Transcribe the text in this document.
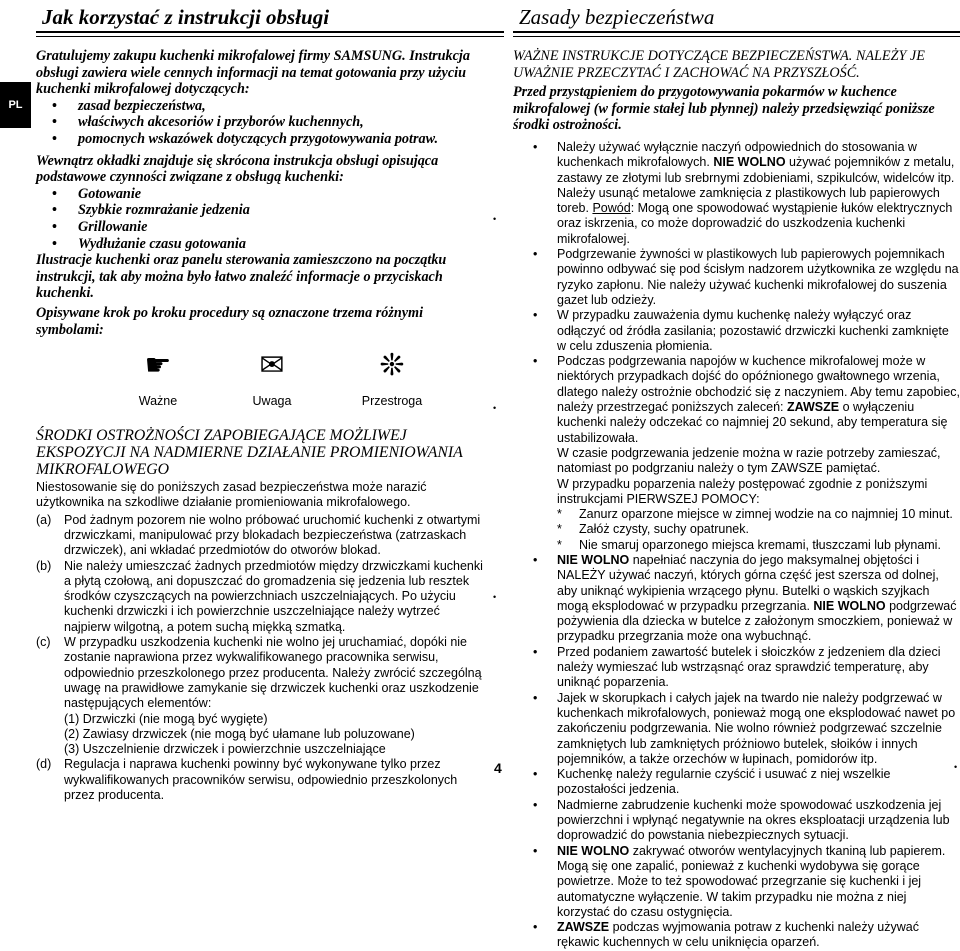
Jak korzystać z instrukcji obsługi	Zasady bezpieczeństwa
PL

Gratulujemy zakupu kuchenki mikrofalowej firmy SAMSUNG. Instrukcja obsługi zawiera wiele cennych informacji na temat gotowania przy użyciu kuchenki mikrofalowej dotyczących:

• zasad bezpieczeństwa,
• właściwych akcesoriów i przyborów kuchennych,
• pomocnych wskazówek dotyczących przygotowywania potraw.

Wewnątrz okładki znajduje się skrócona instrukcja obsługi opisująca podstawowe czynności związane z obsługą kuchenki:

• Gotowanie
• Szybkie rozmrażanie jedzenia
• Grillowanie
• Wydłużanie czasu gotowania

Ilustracje kuchenki oraz panelu sterowania zamieszczono na początku instrukcji, tak aby można było łatwo znaleźć informacje o przyciskach kuchenki.

Opisywane krok po kroku procedury są oznaczone trzema różnymi symbolami:

☛
Ważne
✉
Uwaga
❊
Przestroga
ŚRODKI OSTROŻNOŚCI ZAPOBIEGAJĄCE MOŻLIWEJ EKSPOZYCJI NA NADMIERNE DZIAŁANIE PROMIENIOWANIA MIKROFALOWEGO
Niestosowanie się do poniższych zasad bezpieczeństwa może narazić użytkownika na szkodliwe działanie promieniowania mikrofalowego.
(a) Pod żadnym pozorem nie wolno próbować uruchomić kuchenki z otwartymi drzwiczkami, manipulować przy blokadach bezpieczeństwa (zatrzaskach drzwiczek), ani wkładać przedmiotów do otworów blokad.
(b) Nie należy umieszczać żadnych przedmiotów między drzwiczkami kuchenki a płytą czołową, ani dopuszczać do gromadzenia się jedzenia lub resztek środków czyszczących na powierzchniach uszczelniających. Po użyciu kuchenki drzwiczki i ich powierzchnie uszczelniające należy wytrzeć najpierw wilgotną, a potem suchą miękką szmatką.
(c) W przypadku uszkodzenia kuchenki nie wolno jej uruchamiać, dopóki nie zostanie naprawiona przez wykwalifikowanego pracownika serwisu, odpowiednio przeszkolonego przez producenta. Należy zwrócić szczególną uwagę na prawidłowe zamykanie się drzwiczek kuchenki oraz uszkodzenie następujących elementów:
(1) Drzwiczki (nie mogą być wygięte)
(2) Zawiasy drzwiczek (nie mogą być ułamane lub poluzowane)
(3) Uszczelnienie drzwiczek i powierzchnie uszczelniające
(d) Regulacja i naprawa kuchenki powinny być wykonywane tylko przez wykwalifikowanych pracowników serwisu, odpowiednio przeszkolonych przez producenta.
WAŻNE INSTRUKCJE DOTYCZĄCE BEZPIECZEŃSTWA. NALEŻY JE UWAŻNIE PRZECZYTAĆ I ZACHOWAĆ NA PRZYSZŁOŚĆ.
Przed przystąpieniem do przygotowywania pokarmów w kuchence mikrofalowej (w formie stałej lub płynnej) należy przedsięwziąć poniższe środki ostrożności.
• Należy używać wyłącznie naczyń odpowiednich do stosowania w kuchenkach mikrofalowych. NIE WOLNO używać pojemników z metalu, zastawy ze złotymi lub srebrnymi zdobieniami, szpikulców, widelców itp. Należy usunąć metalowe zamknięcia z plastikowych lub papierowych toreb. Powód: Mogą one spowodować wystąpienie łuków elektrycznych oraz iskrzenia, co może doprowadzić do uszkodzenia kuchenki mikrofalowej.
• Podgrzewanie żywności w plastikowych lub papierowych pojemnikach powinno odbywać się pod ścisłym nadzorem użytkownika ze względu na ryzyko zapłonu. Nie należy używać kuchenki mikrofalowej do suszenia gazet lub odzieży.
• W przypadku zauważenia dymu kuchenkę należy wyłączyć oraz odłączyć od źródła zasilania; pozostawić drzwiczki kuchenki zamknięte w celu zduszenia płomienia.
• Podczas podgrzewania napojów w kuchence mikrofalowej może w niektórych przypadkach dojść do opóźnionego gwałtownego wrzenia, dlatego należy ostrożnie obchodzić się z naczyniem. Aby temu zapobiec, należy przestrzegać poniższych zaleceń: ZAWSZE o wyłączeniu kuchenki należy odczekać co najmniej 20 sekund, aby temperatura się ustabilizowała.
W czasie podgrzewania jedzenie można w razie potrzeby zamieszać, natomiast po podgrzaniu należy o tym ZAWSZE pamiętać.
W przypadku poparzenia należy postępować zgodnie z poniższymi instrukcjami PIERWSZEJ POMOCY:
* Zanurz oparzone miejsce w zimnej wodzie na co najmniej 10 minut.
* Załóż czysty, suchy opatrunek.
* Nie smaruj oparzonego miejsca kremami, tłuszczami lub płynami.
• NIE WOLNO napełniać naczynia do jego maksymalnej objętości i NALEŻY używać naczyń, których górna część jest szersza od dolnej, aby uniknąć wykipienia wrzącego płynu. Butelki o wąskich szyjkach mogą eksplodować w przypadku przegrzania. NIE WOLNO podgrzewać pożywienia dla dziecka w butelce z założonym smoczkiem, ponieważ w przypadku przegrzania może ona wybuchnąć.
• Przed podaniem zawartość butelek i słoiczków z jedzeniem dla dzieci należy wymieszać lub wstrząsnąć oraz sprawdzić temperaturę, aby uniknąć poparzenia.
• Jajek w skorupkach i całych jajek na twardo nie należy podgrzewać w kuchenkach mikrofalowych, ponieważ mogą one eksplodować nawet po zakończeniu podgrzewania. Nie wolno również podgrzewać szczelnie zamkniętych lub zamkniętych próżniowo butelek, słoików i innych pojemników, a także orzechów w łupinach, pomidorów itp.
• Kuchenkę należy regularnie czyścić i usuwać z niej wszelkie pozostałości jedzenia.
• Nadmierne zabrudzenie kuchenki może spowodować uszkodzenia jej powierzchni i wpłynąć negatywnie na okres eksploatacji urządzenia lub doprowadzić do powstania niebezpiecznych sytuacji.
• NIE WOLNO zakrywać otworów wentylacyjnych tkaniną lub papierem. Mogą się one zapalić, ponieważ z kuchenki wydobywa się gorące powietrze. Może to też spowodować przegrzanie się kuchenki i jej automatyczne wyłączenie. W takim przypadku nie można z niej korzystać do czasu ostygnięcia.
• ZAWSZE podczas wyjmowania potraw z kuchenki należy używać rękawic kuchennych w celu uniknięcia oparzeń.
•
•
•
•
4
